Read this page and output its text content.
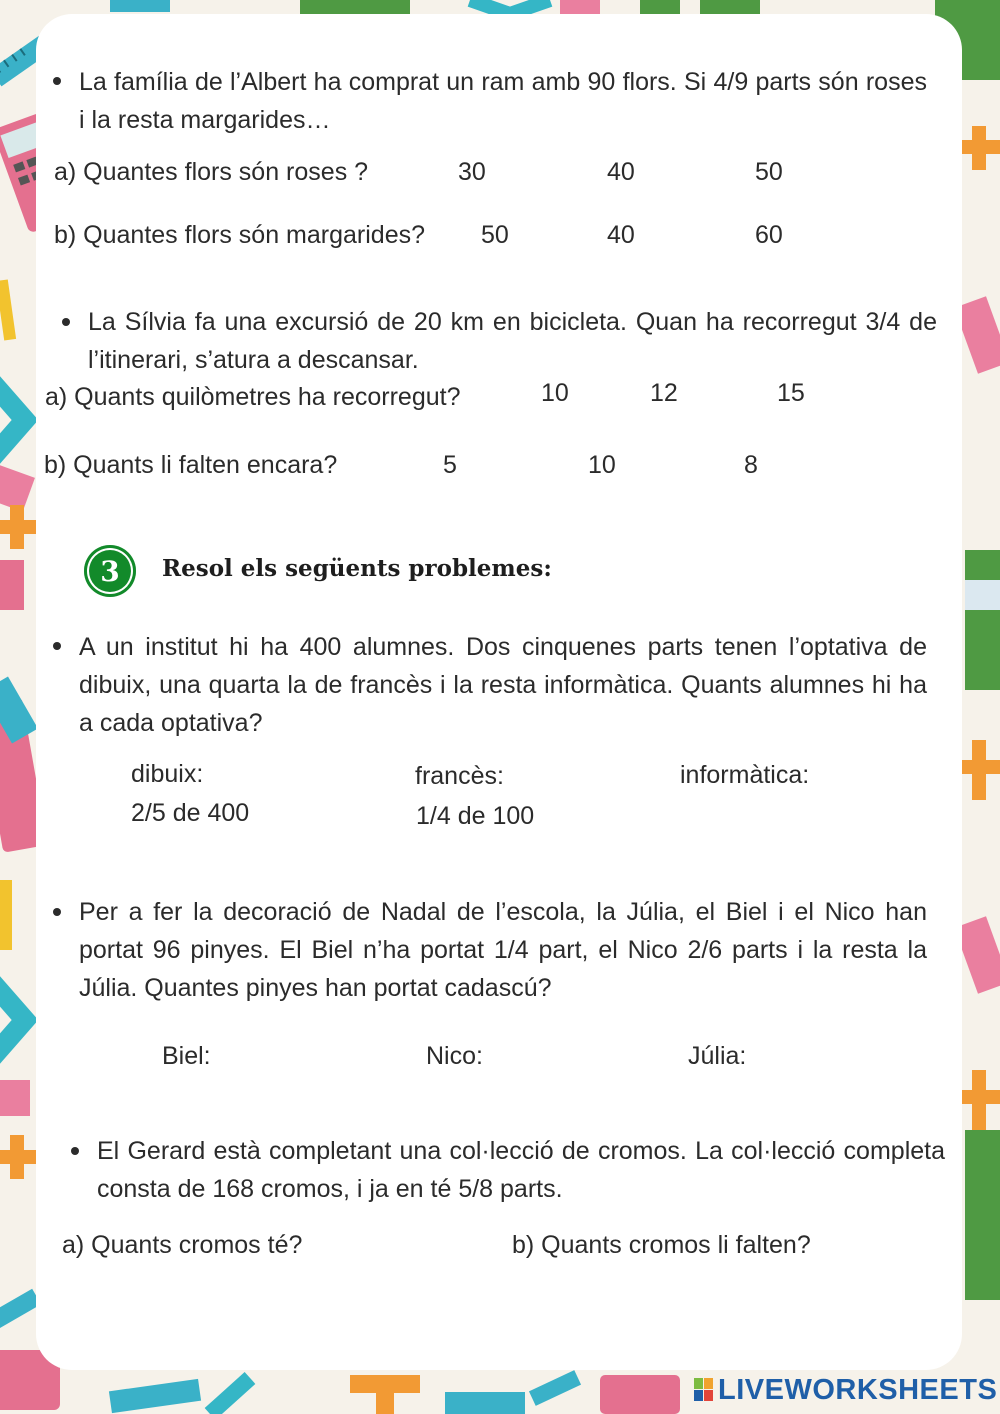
La família de l’Albert ha comprat un ram amb 90 flors. Si 4/9 parts són roses i la resta margarides…
a) Quantes flors són roses ?	30	40	50
b) Quantes flors són margarides? 50	40	60
La Sílvia fa una excursió de 20 km en bicicleta. Quan ha recorregut 3/4 de l’itinerari, s’atura a descansar.
a) Quants quilòmetres ha recorregut?	10	12	15
b) Quants li falten encara?	5	10	8
3	Resol els següents problemes:
A un institut hi ha 400 alumnes. Dos cinquenes parts tenen l’optativa de dibuix, una quarta la de francès i la resta informàtica. Quants alumnes hi ha a cada optativa?
dibuix:	francès:	informàtica:
2/5 de 400	1/4 de 100
Per a fer la decoració de Nadal de l’escola, la Júlia, el Biel i el Nico han portat 96 pinyes. El Biel n’ha portat 1/4 part, el Nico 2/6 parts i la resta la Júlia. Quantes pinyes han portat cadascú?
Biel:	Nico:	Júlia:
El Gerard està completant una col·lecció de cromos. La col·lecció completa consta de 168 cromos, i ja en té 5/8 parts.
a) Quants cromos té?	b) Quants cromos li falten?
LIVEWORKSHEETS
